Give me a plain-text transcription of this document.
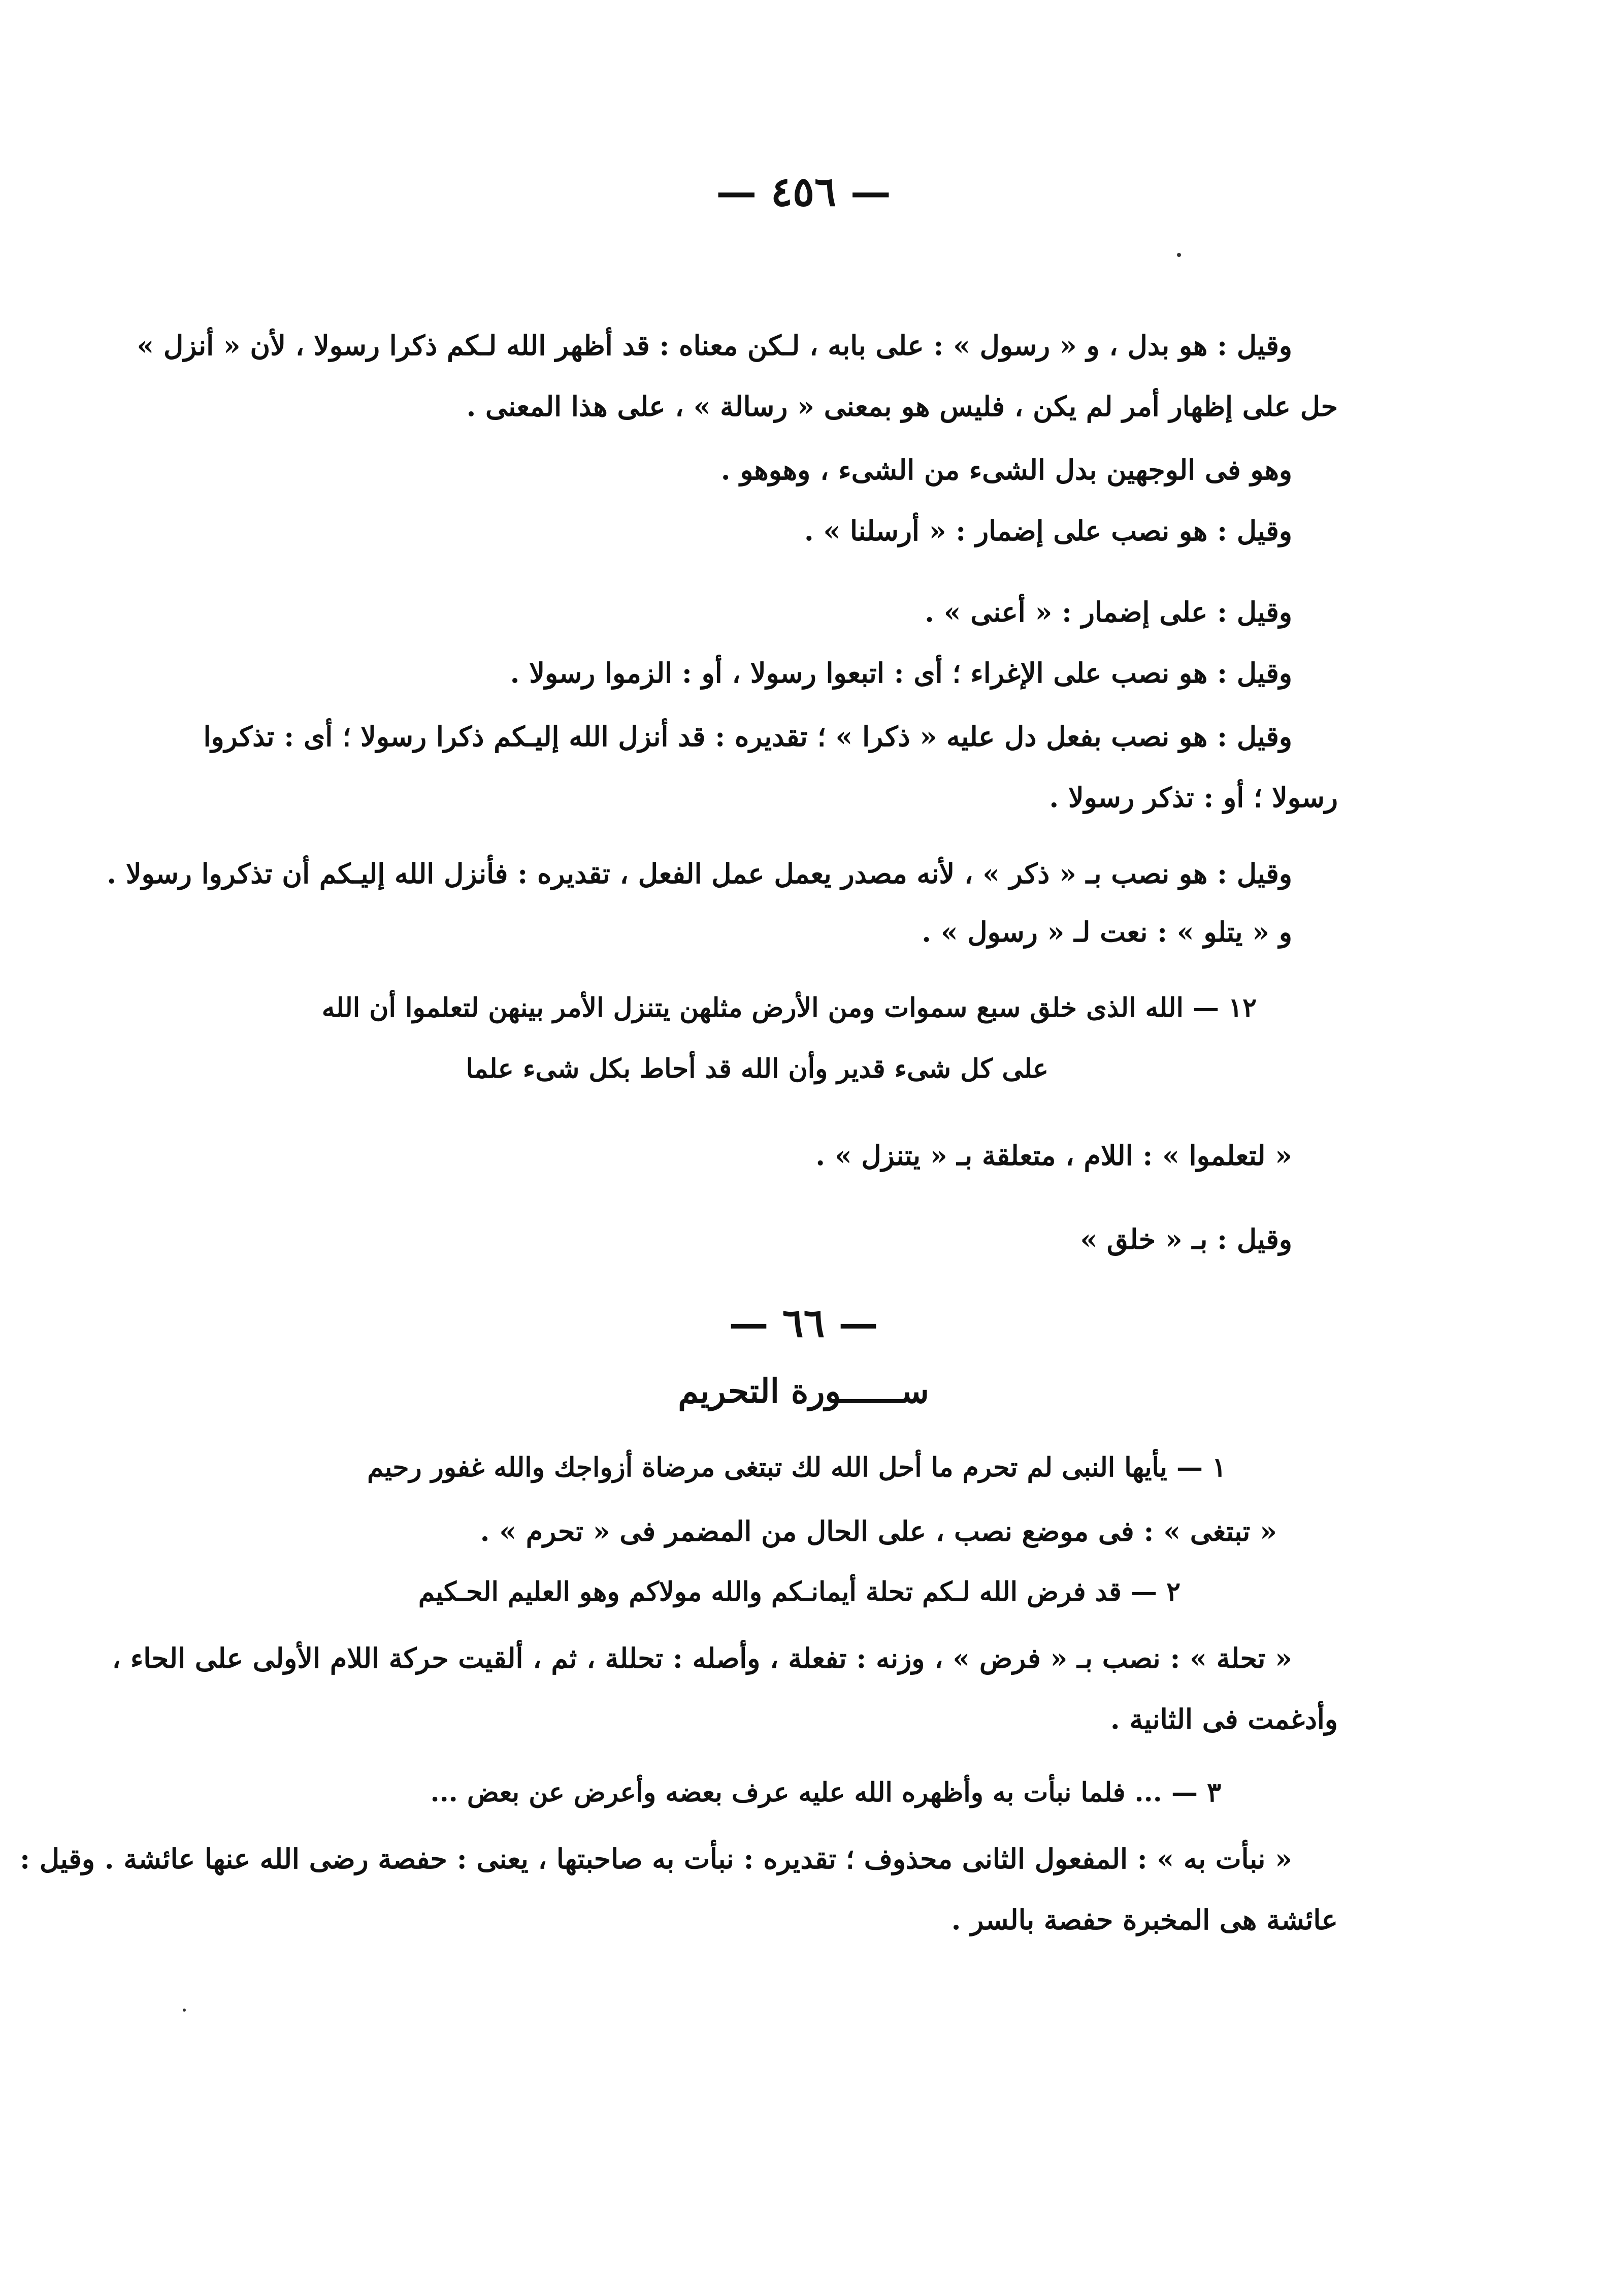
— ٤٥٦ —
وقيل : هو بدل ، و « رسول » : على بابه ، لـكن معناه : قد أظهر الله لـكم ذكرا رسولا ، لأن « أنزل »
حل على إظهار أمر لم يكن ، فليس هو بمعنى « رسالة » ، على هذا المعنى .
وهو فى الوجهين بدل الشىء من الشىء ، وهوهو .
وقيل : هو نصب على إضمار : « أرسلنا » .
وقيل : على إضمار : « أعنى » .
وقيل : هو نصب على الإغراء ؛ أى : اتبعوا رسولا ، أو : الزموا رسولا .
وقيل : هو نصب بفعل دل عليه « ذكرا » ؛ تقديره : قد أنزل الله إليـكم ذكرا رسولا ؛ أى : تذكروا
رسولا ؛ أو : تذكر رسولا .
وقيل : هو نصب بـ « ذكر » ، لأنه مصدر يعمل عمل الفعل ، تقديره : فأنزل الله إليـكم أن تذكروا رسولا .
و « يتلو » : نعت لـ « رسول » .
١٢ — الله الذى خلق سبع سموات ومن الأرض مثلهن يتنزل الأمر بينهن لتعلموا أن الله
على كل شىء قدير وأن الله قد أحاط بكل شىء علما
« لتعلموا » : اللام ، متعلقة بـ « يتنزل » .
وقيل : بـ « خلق »
— ٦٦ —
ســــــورة التحريم
١ — يأيها النبى لم تحرم ما أحل الله لك تبتغى مرضاة أزواجك والله غفور رحيم
« تبتغى » : فى موضع نصب ، على الحال من المضمر فى « تحرم » .
٢ — قد فرض الله لـكم تحلة أيمانـكم والله مولاكم وهو العليم الحـكيم
« تحلة » : نصب بـ « فرض » ، وزنه : تفعلة ، وأصله : تحللة ، ثم ، ألقيت حركة اللام الأولى على الحاء ،
وأدغمت فى الثانية .
٣ — ... فلما نبأت به وأظهره الله عليه عرف بعضه وأعرض عن بعض ...
« نبأت به » : المفعول الثانى محذوف ؛ تقديره : نبأت به صاحبتها ، يعنى : حفصة رضى الله عنها عائشة . وقيل :
عائشة هى المخبرة حفصة بالسر .
